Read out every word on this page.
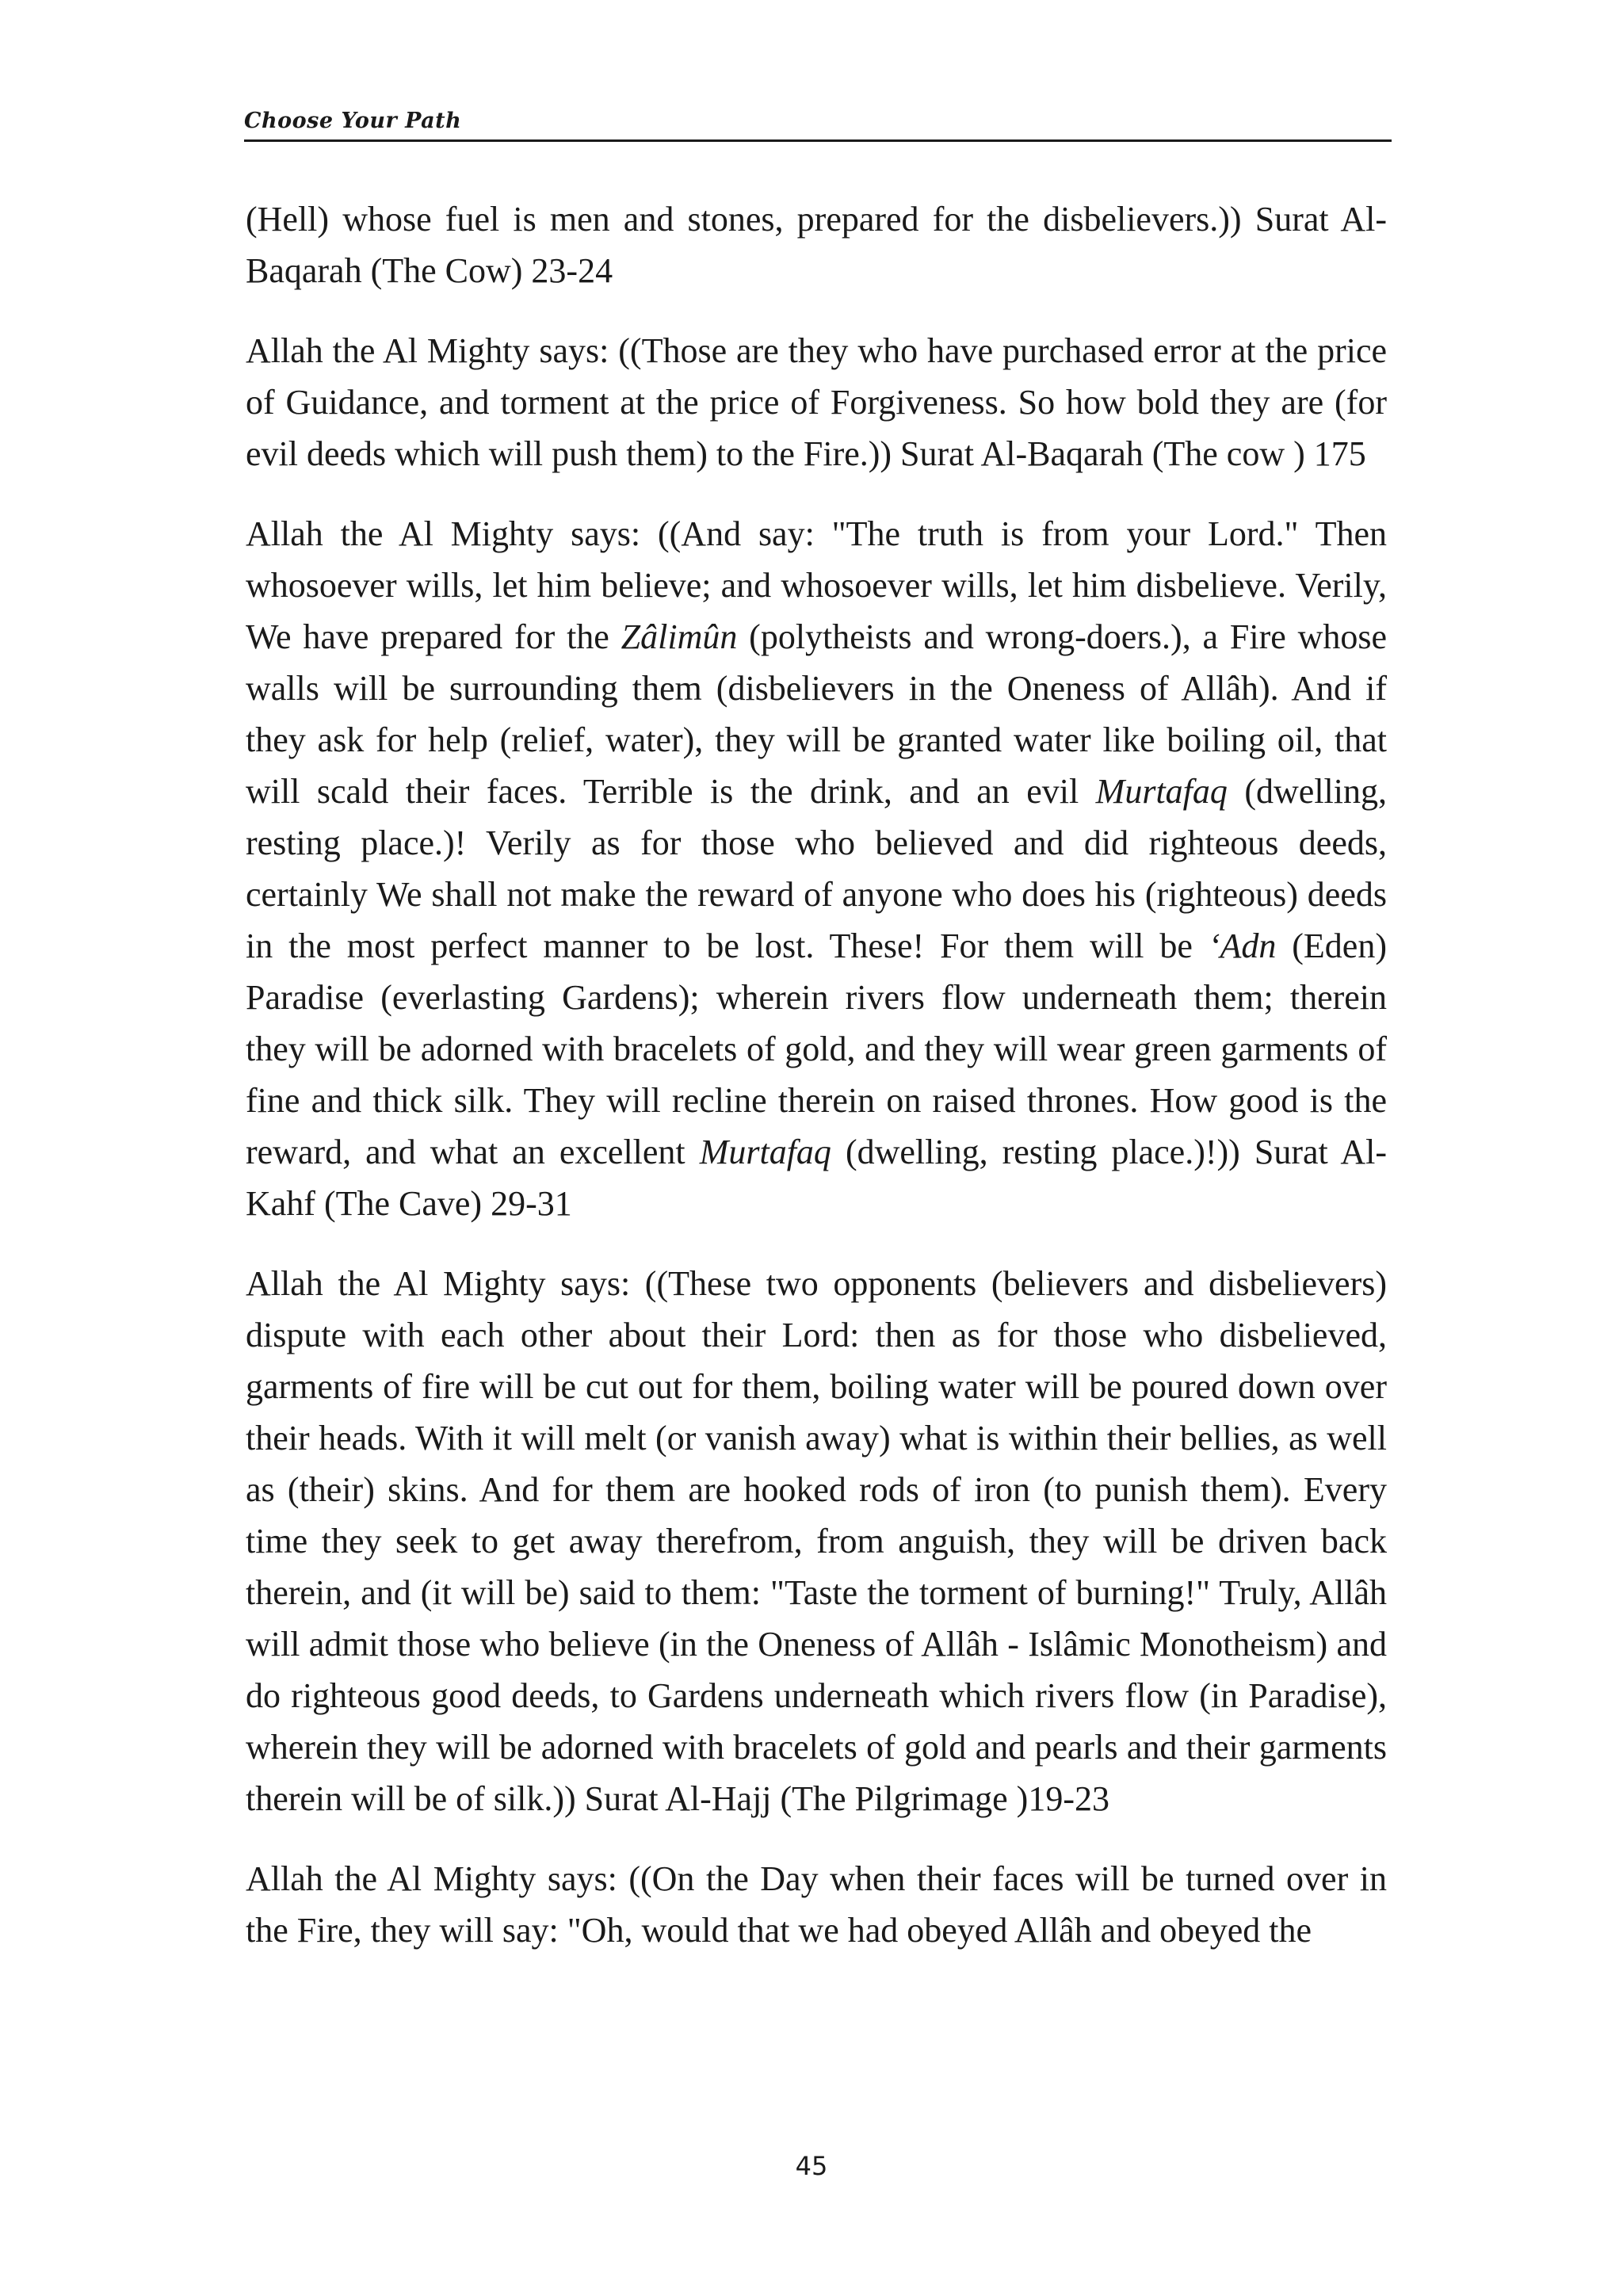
Choose Your Path

(Hell) whose fuel is men and stones, prepared for the disbelievers.)) Surat Al-Baqarah (The Cow) 23-24

Allah the Al Mighty says: ((Those are they who have purchased error at the price of Guidance, and torment at the price of Forgiveness. So how bold they are (for evil deeds which will push them) to the Fire.)) Surat Al-Baqarah (The cow ) 175

Allah the Al Mighty says: ((And say: "The truth is from your Lord." Then whosoever wills, let him believe; and whosoever wills, let him disbelieve. Verily, We have prepared for the Zâlimûn (polytheists and wrong-doers.), a Fire whose walls will be surrounding them (disbelievers in the Oneness of Allâh). And if they ask for help (relief, water), they will be granted water like boiling oil, that will scald their faces. Terrible is the drink, and an evil Murtafaq (dwelling, resting place.)! Verily as for those who believed and did righteous deeds, certainly We shall not make the reward of anyone who does his (righteous) deeds in the most perfect manner to be lost. These! For them will be ‘Adn (Eden) Paradise (everlasting Gardens); wherein rivers flow underneath them; therein they will be adorned with bracelets of gold, and they will wear green garments of fine and thick silk. They will recline therein on raised thrones. How good is the reward, and what an excellent Murtafaq (dwelling, resting place.)!)) Surat Al-Kahf (The Cave) 29-31

Allah the Al Mighty says: ((These two opponents (believers and disbelievers) dispute with each other about their Lord: then as for those who disbelieved, garments of fire will be cut out for them, boiling water will be poured down over their heads. With it will melt (or vanish away) what is within their bellies, as well as (their) skins. And for them are hooked rods of iron (to punish them). Every time they seek to get away therefrom, from anguish, they will be driven back therein, and (it will be) said to them: "Taste the torment of burning!" Truly, Allâh will admit those who believe (in the Oneness of Allâh - Islâmic Monotheism) and do righteous good deeds, to Gardens underneath which rivers flow (in Paradise), wherein they will be adorned with bracelets of gold and pearls and their garments therein will be of silk.)) Surat Al-Hajj (The Pilgrimage )19-23

Allah the Al Mighty says: ((On the Day when their faces will be turned over in the Fire, they will say: "Oh, would that we had obeyed Allâh and obeyed the

45
